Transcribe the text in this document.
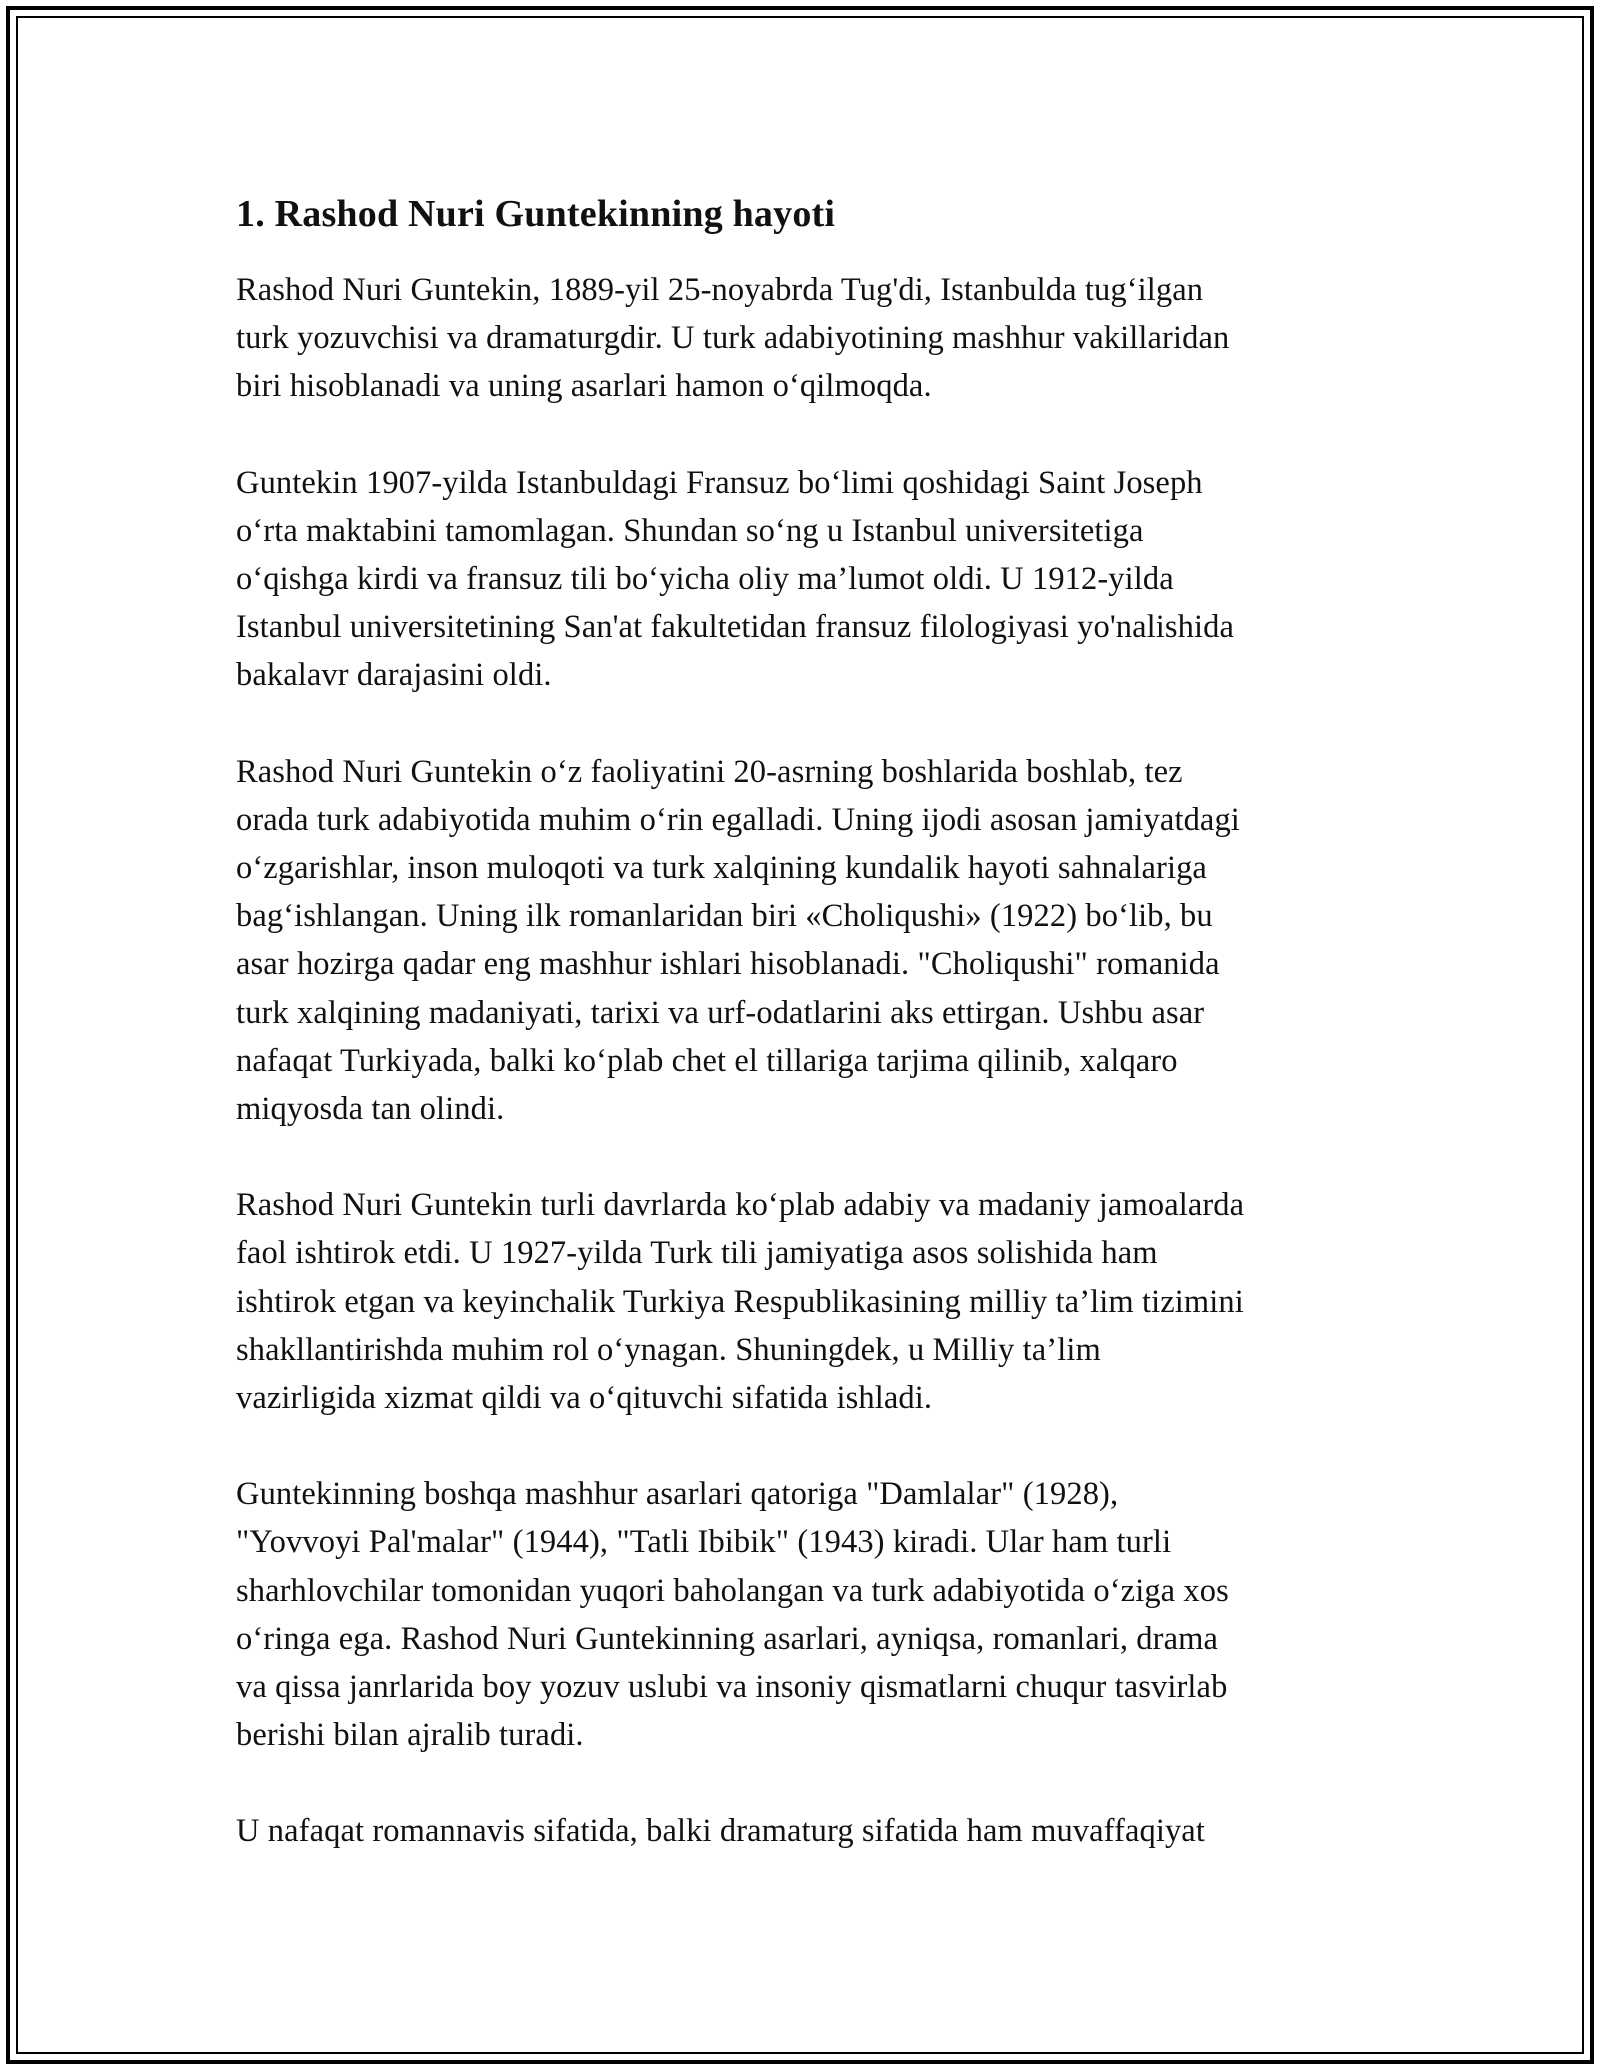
1. Rashod Nuri Guntekinning hayoti

Rashod Nuri Guntekin, 1889-yil 25-noyabrda Tug'di, Istanbulda tug‘ilgan
turk yozuvchisi va dramaturgdir. U turk adabiyotining mashhur vakillaridan
biri hisoblanadi va uning asarlari hamon o‘qilmoqda.

Guntekin 1907-yilda Istanbuldagi Fransuz bo‘limi qoshidagi Saint Joseph
o‘rta maktabini tamomlagan. Shundan so‘ng u Istanbul universitetiga
o‘qishga kirdi va fransuz tili bo‘yicha oliy ma’lumot oldi. U 1912-yilda
Istanbul universitetining San'at fakultetidan fransuz filologiyasi yo'nalishida
bakalavr darajasini oldi.

Rashod Nuri Guntekin o‘z faoliyatini 20-asrning boshlarida boshlab, tez
orada turk adabiyotida muhim o‘rin egalladi. Uning ijodi asosan jamiyatdagi
o‘zgarishlar, inson muloqoti va turk xalqining kundalik hayoti sahnalariga
bag‘ishlangan. Uning ilk romanlaridan biri «Choliqushi» (1922) bo‘lib, bu
asar hozirga qadar eng mashhur ishlari hisoblanadi. "Choliqushi" romanida
turk xalqining madaniyati, tarixi va urf-odatlarini aks ettirgan. Ushbu asar
nafaqat Turkiyada, balki ko‘plab chet el tillariga tarjima qilinib, xalqaro
miqyosda tan olindi.

Rashod Nuri Guntekin turli davrlarda ko‘plab adabiy va madaniy jamoalarda
faol ishtirok etdi. U 1927-yilda Turk tili jamiyatiga asos solishida ham
ishtirok etgan va keyinchalik Turkiya Respublikasining milliy ta’lim tizimini
shakllantirishda muhim rol o‘ynagan. Shuningdek, u Milliy ta’lim
vazirligida xizmat qildi va o‘qituvchi sifatida ishladi.

Guntekinning boshqa mashhur asarlari qatoriga "Damlalar" (1928),
"Yovvoyi Pal'malar" (1944), "Tatli Ibibik" (1943) kiradi. Ular ham turli
sharhlovchilar tomonidan yuqori baholangan va turk adabiyotida o‘ziga xos
o‘ringa ega. Rashod Nuri Guntekinning asarlari, ayniqsa, romanlari, drama
va qissa janrlarida boy yozuv uslubi va insoniy qismatlarni chuqur tasvirlab
berishi bilan ajralib turadi.

U nafaqat romannavis sifatida, balki dramaturg sifatida ham muvaffaqiyat
